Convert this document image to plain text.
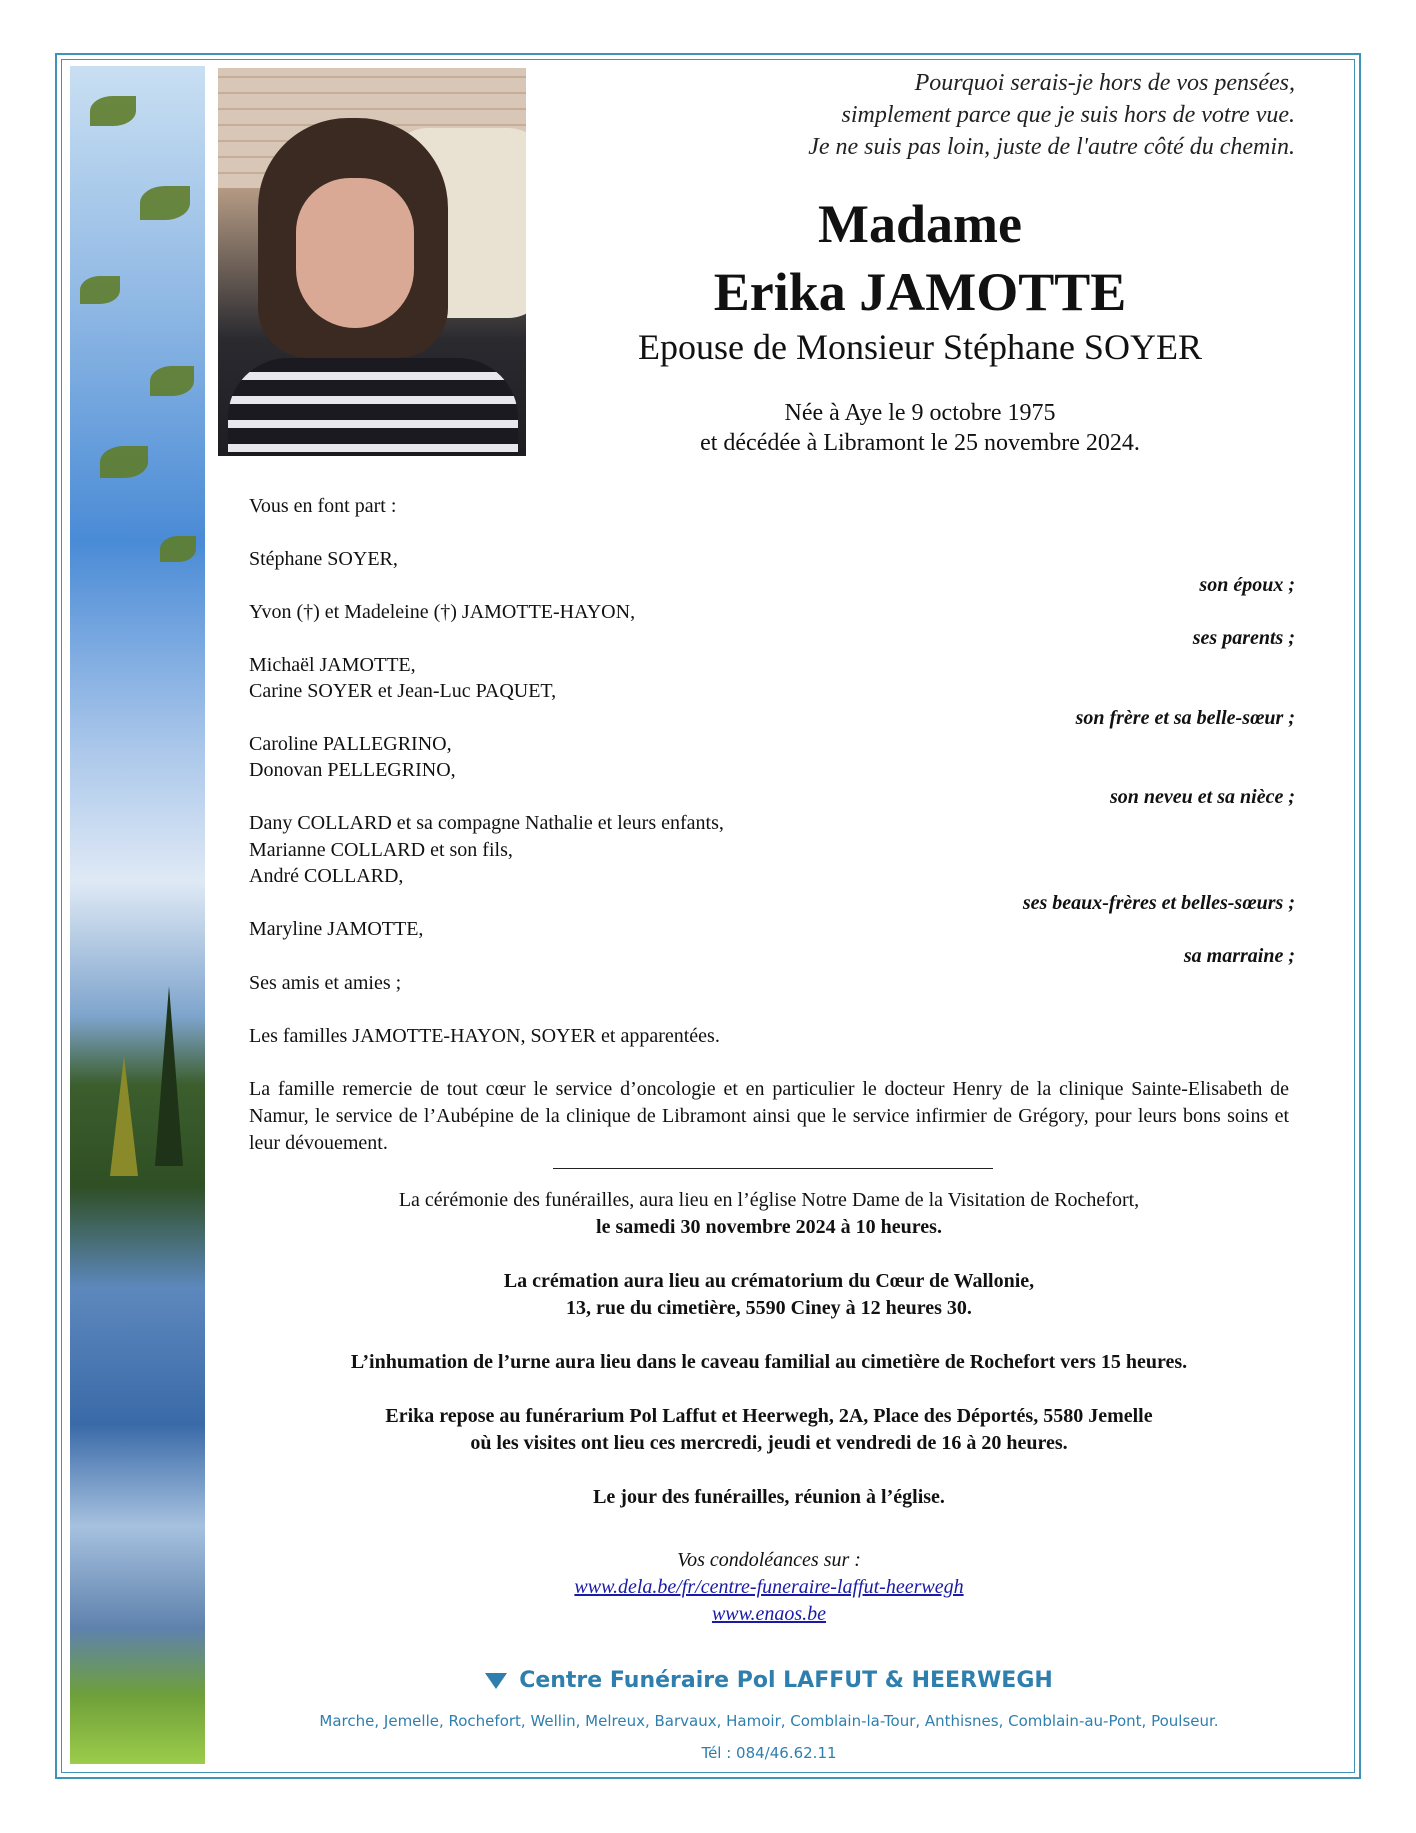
Pourquoi serais-je hors de vos pensées,
simplement parce que je suis hors de votre vue.
Je ne suis pas loin, juste de l'autre côté du chemin.
Madame
Erika JAMOTTE
Epouse de Monsieur Stéphane SOYER
Née à Aye le 9 octobre 1975
et décédée à Libramont le 25 novembre 2024.
Vous en font part :
Stéphane SOYER,
son époux ;
Yvon (†) et Madeleine (†) JAMOTTE-HAYON,
ses parents ;
Michaël JAMOTTE,
Carine SOYER et Jean-Luc PAQUET,
son frère et sa belle-sœur ;
Caroline PALLEGRINO,
Donovan PELLEGRINO,
son neveu et sa nièce ;
Dany COLLARD et sa compagne Nathalie et leurs enfants,
Marianne COLLARD et son fils,
André COLLARD,
ses beaux-frères et belles-sœurs ;
Maryline JAMOTTE,
sa marraine ;
Ses amis et amies ;
Les familles JAMOTTE-HAYON, SOYER et apparentées.
La famille remercie de tout cœur le service d’oncologie et en particulier le docteur Henry de la clinique Sainte-Elisabeth de Namur, le service de l’Aubépine de la clinique de Libramont ainsi que le service infirmier de Grégory, pour leurs bons soins et leur dévouement.
La cérémonie des funérailles, aura lieu en l’église Notre Dame de la Visitation de Rochefort,
le samedi 30 novembre 2024 à 10 heures.
La crémation aura lieu au crématorium du Cœur de Wallonie,
13, rue du cimetière, 5590 Ciney à 12 heures 30.
L’inhumation de l’urne aura lieu dans le caveau familial au cimetière de Rochefort vers 15 heures.
Erika repose au funérarium Pol Laffut et Heerwegh, 2A, Place des Déportés, 5580 Jemelle
où les visites ont lieu ces mercredi, jeudi et vendredi de 16 à 20 heures.
Le jour des funérailles, réunion à l’église.
Vos condoléances sur :
www.dela.be/fr/centre-funeraire-laffut-heerwegh
www.enaos.be
Centre Funéraire Pol LAFFUT & HEERWEGH
Marche, Jemelle, Rochefort, Wellin, Melreux, Barvaux, Hamoir, Comblain-la-Tour, Anthisnes, Comblain-au-Pont, Poulseur.
Tél : 084/46.62.11
